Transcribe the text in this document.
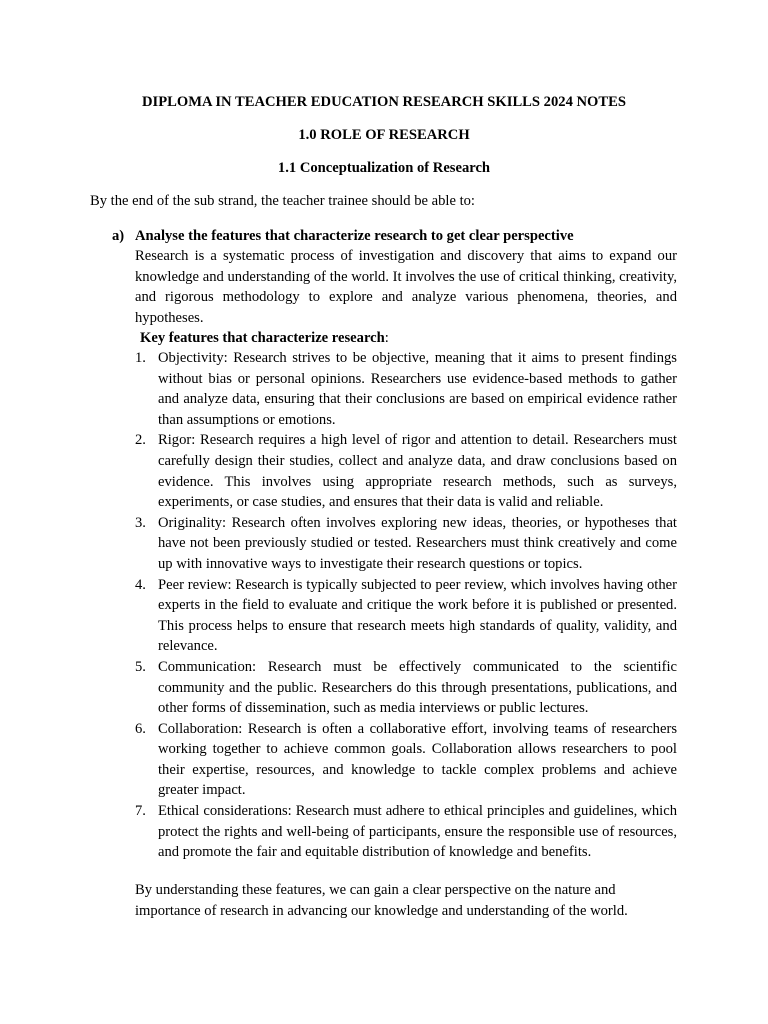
DIPLOMA IN TEACHER EDUCATION RESEARCH SKILLS 2024 NOTES
1.0 ROLE OF RESEARCH
1.1 Conceptualization of Research
By the end of the sub strand, the teacher trainee should be able to:
a) Analyse the features that characterize research to get clear perspective
Research is a systematic process of investigation and discovery that aims to expand our knowledge and understanding of the world. It involves the use of critical thinking, creativity, and rigorous methodology to explore and analyze various phenomena, theories, and hypotheses.
Key features that characterize research:
1. Objectivity: Research strives to be objective, meaning that it aims to present findings without bias or personal opinions. Researchers use evidence-based methods to gather and analyze data, ensuring that their conclusions are based on empirical evidence rather than assumptions or emotions.
2. Rigor: Research requires a high level of rigor and attention to detail. Researchers must carefully design their studies, collect and analyze data, and draw conclusions based on evidence. This involves using appropriate research methods, such as surveys, experiments, or case studies, and ensures that their data is valid and reliable.
3. Originality: Research often involves exploring new ideas, theories, or hypotheses that have not been previously studied or tested. Researchers must think creatively and come up with innovative ways to investigate their research questions or topics.
4. Peer review: Research is typically subjected to peer review, which involves having other experts in the field to evaluate and critique the work before it is published or presented. This process helps to ensure that research meets high standards of quality, validity, and relevance.
5. Communication: Research must be effectively communicated to the scientific community and the public. Researchers do this through presentations, publications, and other forms of dissemination, such as media interviews or public lectures.
6. Collaboration: Research is often a collaborative effort, involving teams of researchers working together to achieve common goals. Collaboration allows researchers to pool their expertise, resources, and knowledge to tackle complex problems and achieve greater impact.
7. Ethical considerations: Research must adhere to ethical principles and guidelines, which protect the rights and well-being of participants, ensure the responsible use of resources, and promote the fair and equitable distribution of knowledge and benefits.
By understanding these features, we can gain a clear perspective on the nature and importance of research in advancing our knowledge and understanding of the world.
